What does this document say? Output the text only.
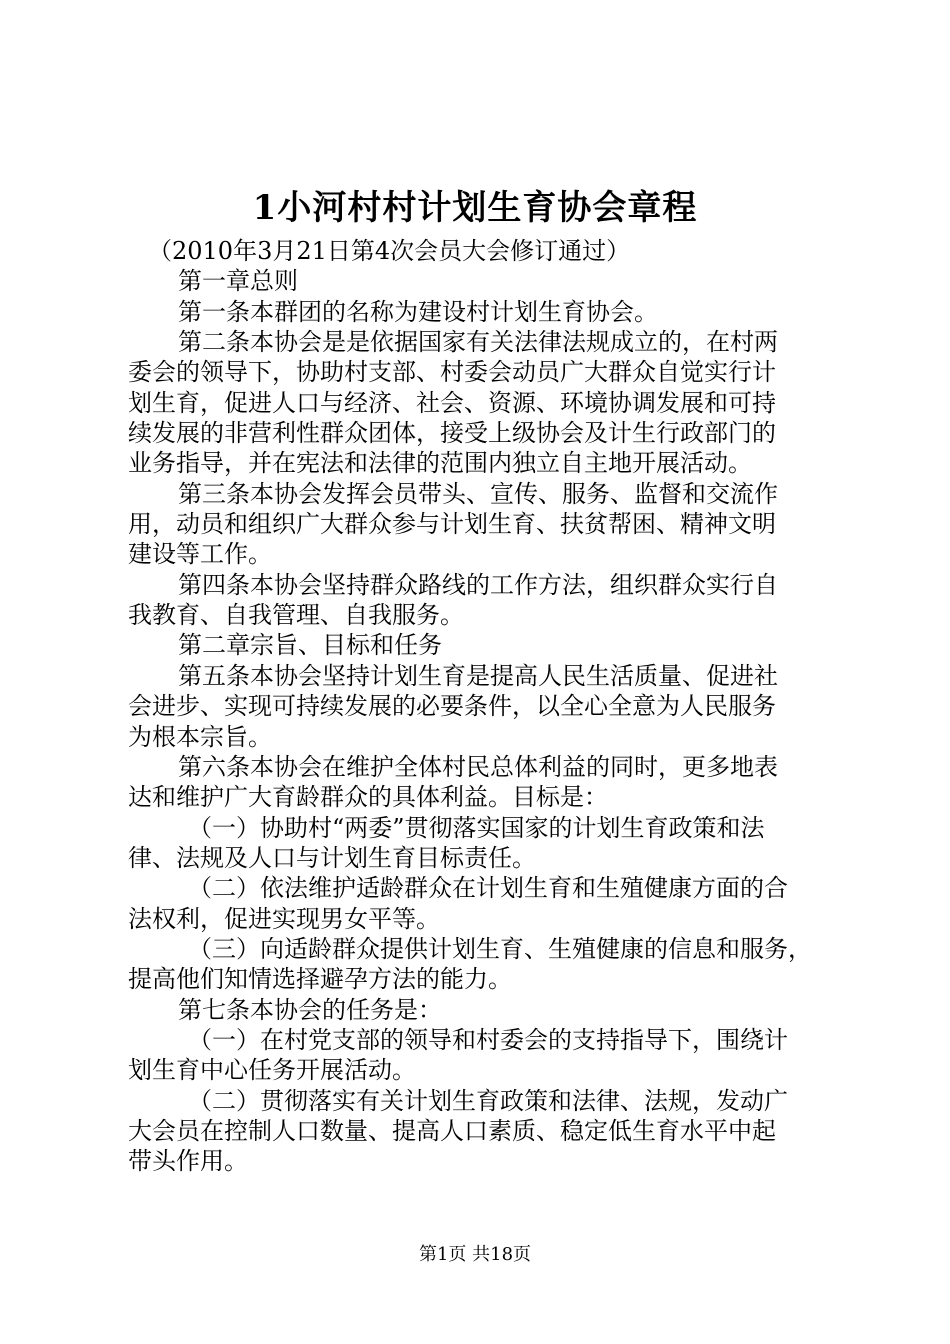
1小河村村计划生育协会章程
（2010年3月21日第4次会员大会修订通过）
第一章总则
第一条本群团的名称为建设村计划生育协会。
第二条本协会是是依据国家有关法律法规成立的，在村两
委会的领导下，协助村支部、村委会动员广大群众自觉实行计
划生育，促进人口与经济、社会、资源、环境协调发展和可持
续发展的非营利性群众团体，接受上级协会及计生行政部门的
业务指导，并在宪法和法律的范围内独立自主地开展活动。
第三条本协会发挥会员带头、宣传、服务、监督和交流作
用，动员和组织广大群众参与计划生育、扶贫帮困、精神文明
建设等工作。
第四条本协会坚持群众路线的工作方法，组织群众实行自
我教育、自我管理、自我服务。
第二章宗旨、目标和任务
第五条本协会坚持计划生育是提高人民生活质量、促进社
会进步、实现可持续发展的必要条件，以全心全意为人民服务
为根本宗旨。
第六条本协会在维护全体村民总体利益的同时，更多地表
达和维护广大育龄群众的具体利益。目标是：
（一）协助村“两委”贯彻落实国家的计划生育政策和法
律、法规及人口与计划生育目标责任。
（二）依法维护适龄群众在计划生育和生殖健康方面的合
法权利，促进实现男女平等。
（三）向适龄群众提供计划生育、生殖健康的信息和服务，
提高他们知情选择避孕方法的能力。
第七条本协会的任务是：
（一）在村党支部的领导和村委会的支持指导下，围绕计
划生育中心任务开展活动。
（二）贯彻落实有关计划生育政策和法律、法规，发动广
大会员在控制人口数量、提高人口素质、稳定低生育水平中起
带头作用。
第1页 共18页
